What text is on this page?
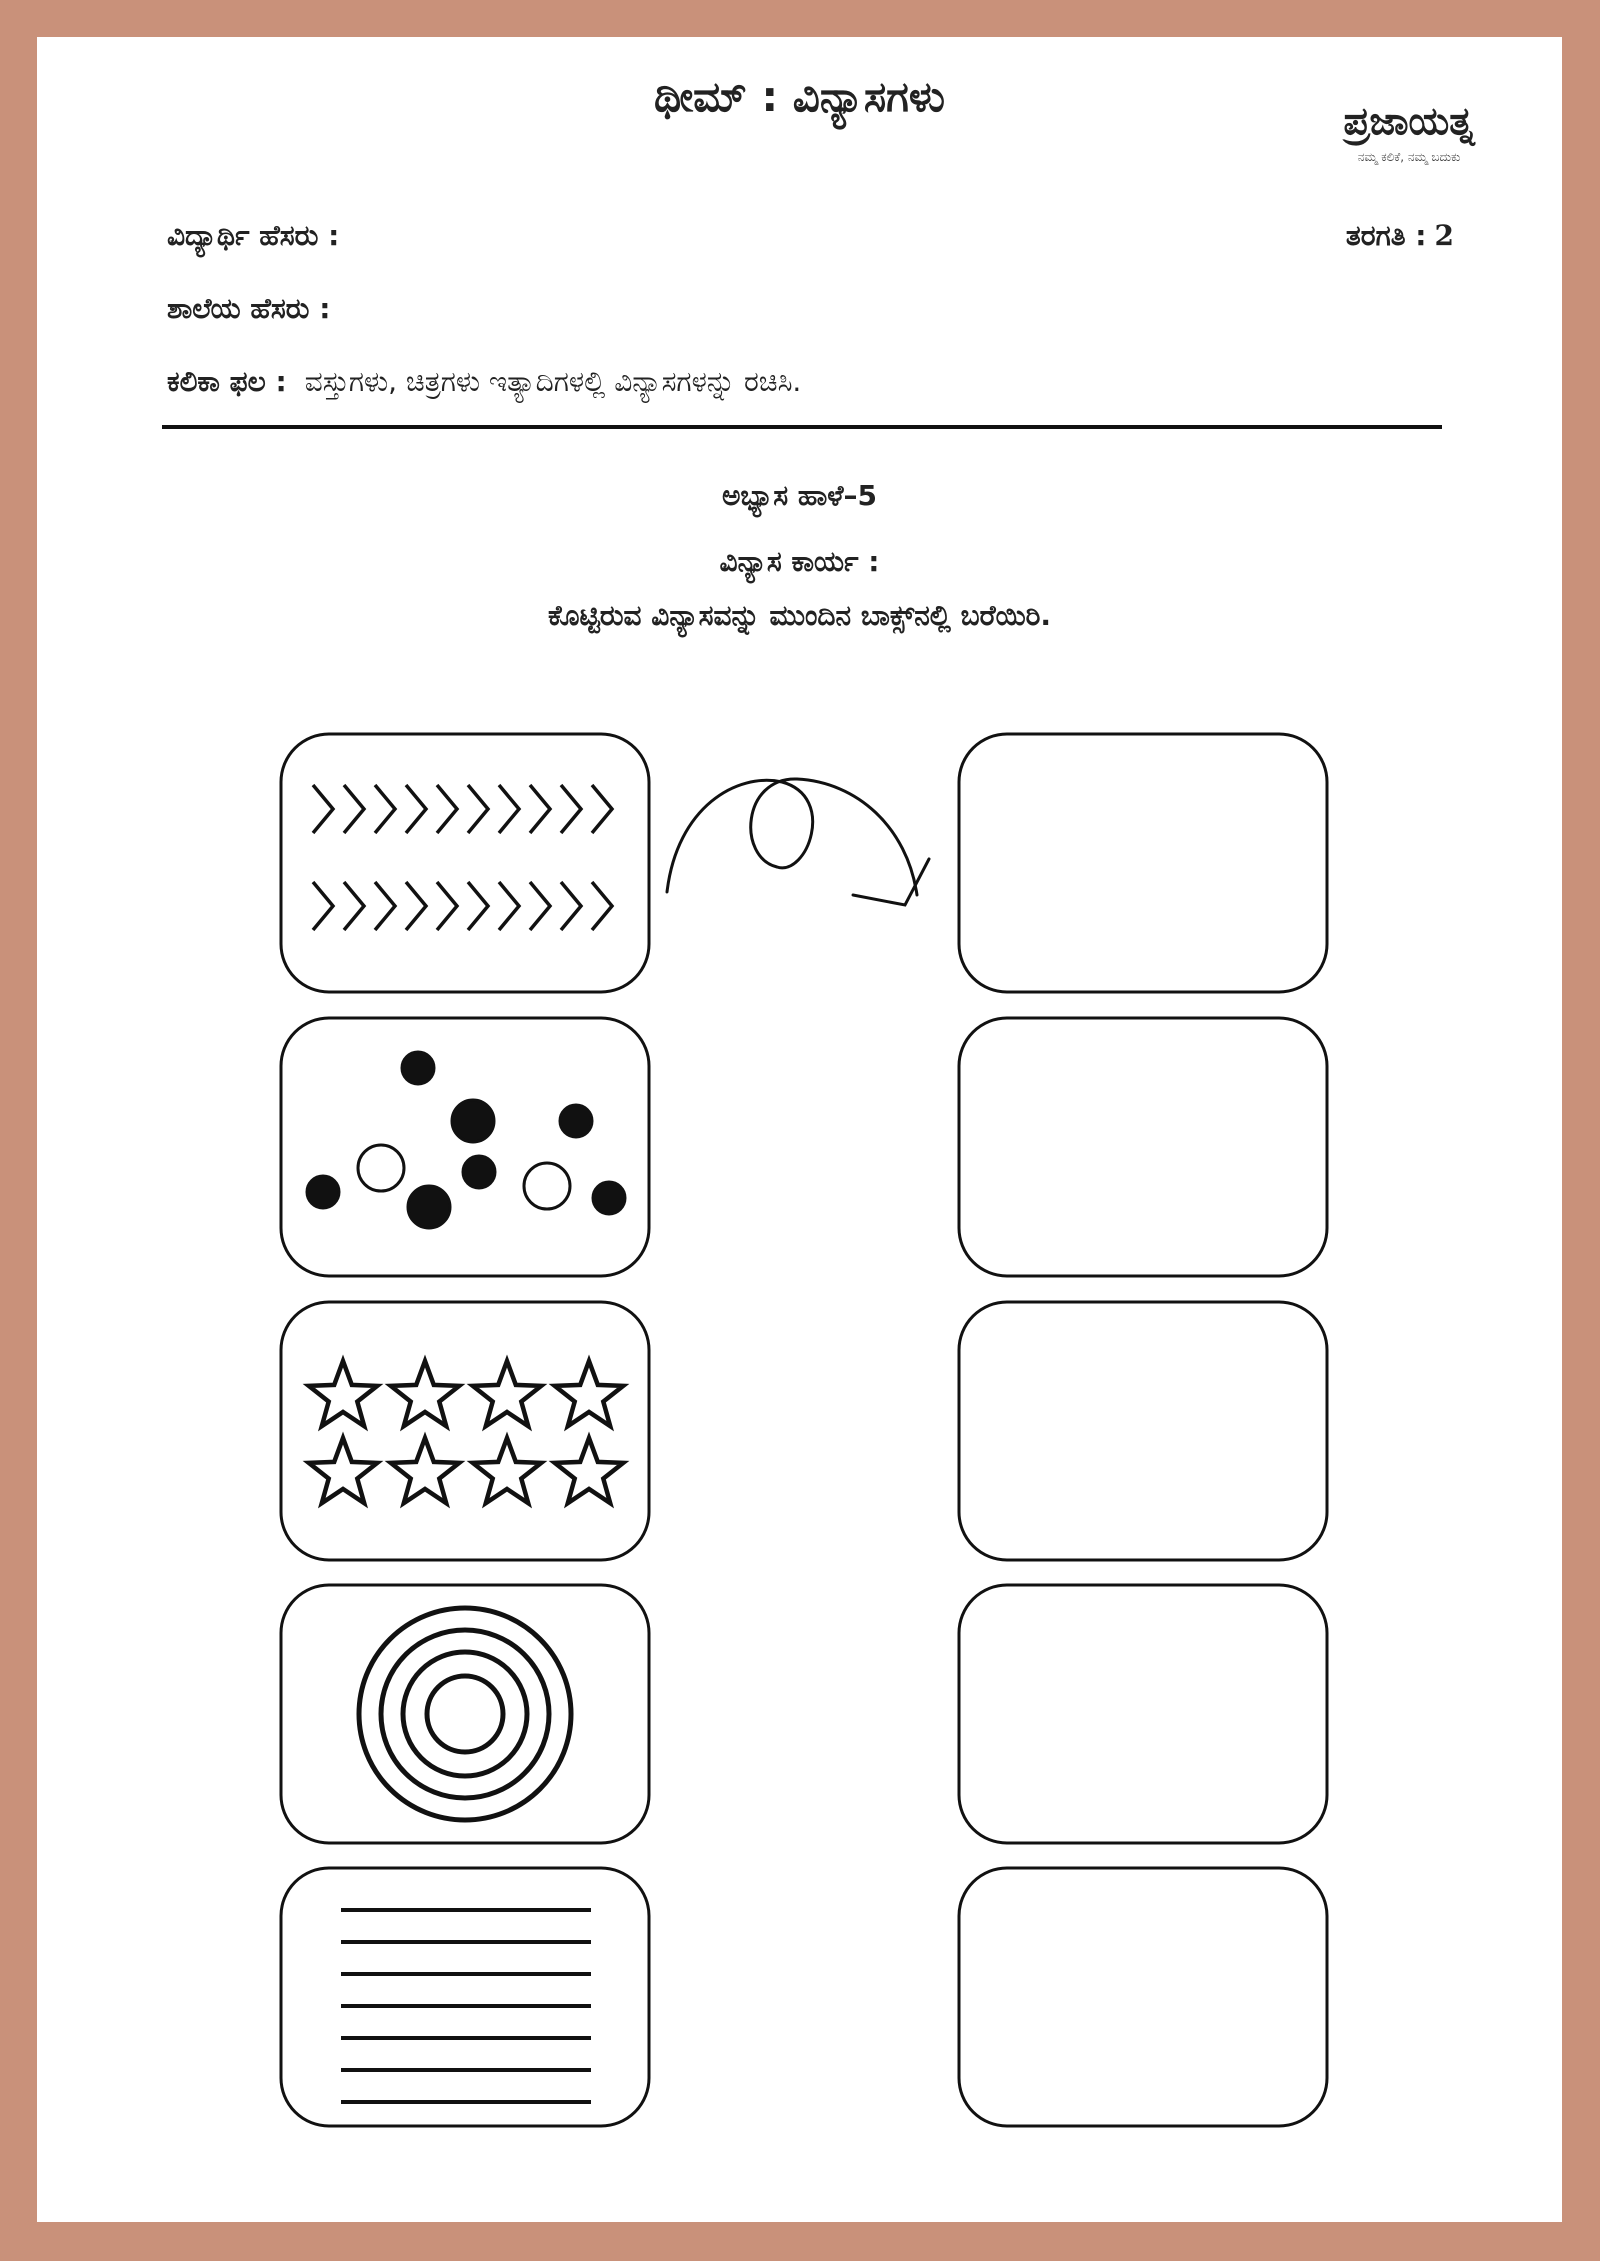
ಥೀಮ್ : ವಿನ್ಯಾಸಗಳು	ಪ್ರಜಾಯತ್ನ
ನಮ್ಮ ಕಲಿಕೆ, ನಮ್ಮ ಬದುಕು
ವಿದ್ಯಾರ್ಥಿ ಹೆಸರು :	ತರಗತಿ : 2
ಶಾಲೆಯ ಹೆಸರು :
ಕಲಿಕಾ ಫಲ : ವಸ್ತುಗಳು, ಚಿತ್ರಗಳು ಇತ್ಯಾದಿಗಳಲ್ಲಿ ವಿನ್ಯಾಸಗಳನ್ನು ರಚಿಸಿ.
ಅಭ್ಯಾಸ ಹಾಳೆ–5
ವಿನ್ಯಾಸ ಕಾರ್ಯ :
ಕೊಟ್ಟಿರುವ ವಿನ್ಯಾಸವನ್ನು ಮುಂದಿನ ಬಾಕ್ಸ್‌ನಲ್ಲಿ ಬರೆಯಿರಿ.
